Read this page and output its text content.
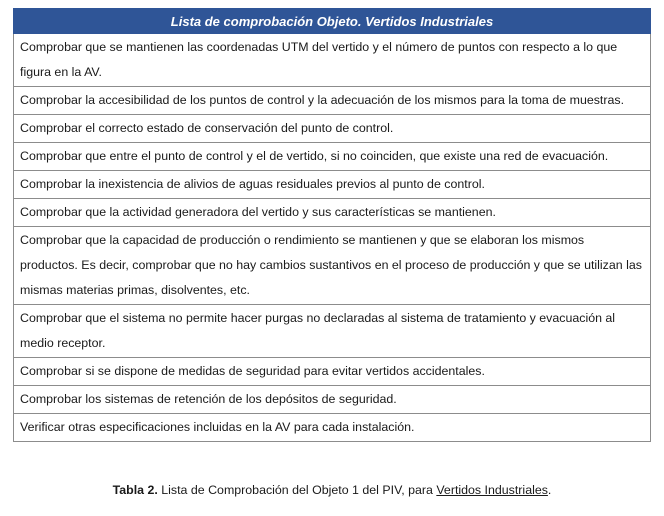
Lista de comprobación Objeto. Vertidos Industriales
Comprobar que se mantienen las coordenadas UTM del vertido y el número de puntos con respecto a lo que figura en la AV.
Comprobar la accesibilidad de los puntos de control y la adecuación de los mismos para la toma de muestras.
Comprobar el correcto estado de conservación del punto de control.
Comprobar que entre el punto de control y el de vertido, si no coinciden, que existe una red de evacuación.
Comprobar la inexistencia de alivios de aguas residuales previos al punto de control.
Comprobar que la actividad generadora del vertido y sus características se mantienen.
Comprobar que la capacidad de producción o rendimiento se mantienen y que se elaboran los mismos productos. Es decir, comprobar que no hay cambios sustantivos en el proceso de producción y que se utilizan las mismas materias primas, disolventes, etc.
Comprobar que el sistema no permite hacer purgas no declaradas al sistema de tratamiento y evacuación al medio receptor.
Comprobar si se dispone de medidas de seguridad para evitar vertidos accidentales.
Comprobar los sistemas de retención de los depósitos de seguridad.
Verificar otras especificaciones incluidas en la AV para cada instalación.
Tabla 2. Lista de Comprobación del Objeto 1 del PIV, para Vertidos Industriales.
